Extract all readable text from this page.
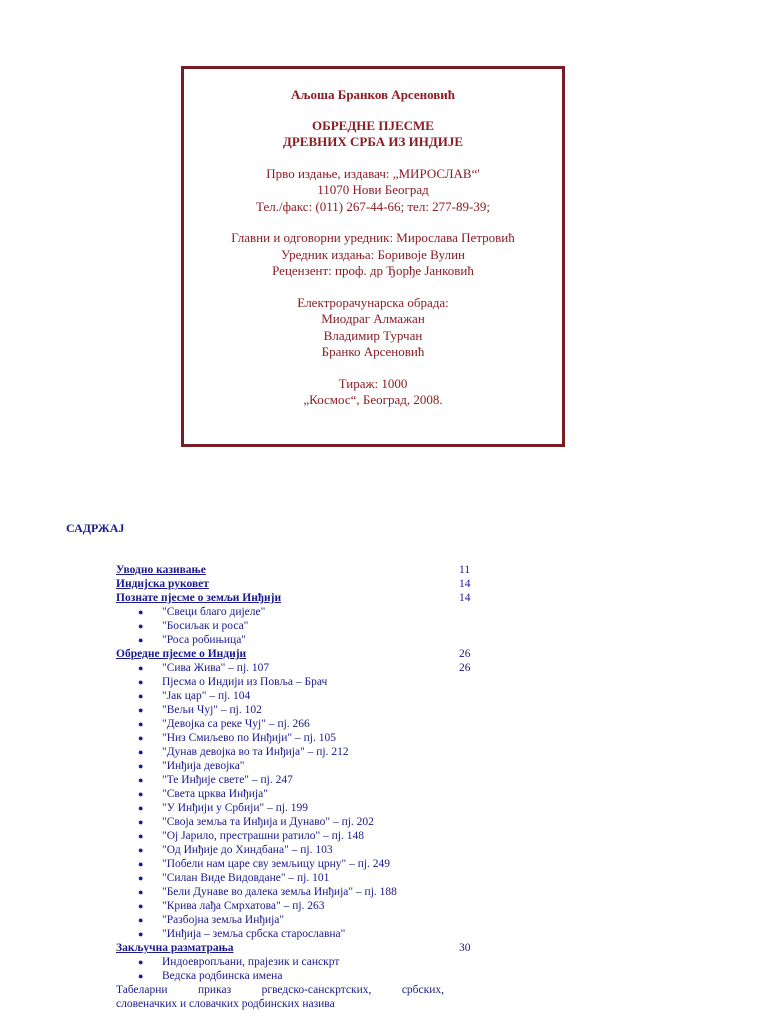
Аљоша Бранков Арсеновић
ОБРЕДНЕ ПЈЕСМЕ
ДРЕВНИХ СРБА ИЗ ИНДИЈЕ
Прво издање, издавач: „МИРОСЛАВ“'
11070 Нови Београд
Тел./факс: (011) 267-44-66; тел: 277-89-39;
Главни и одговорни уредник: Мирослава Петровић
Уредник издања: Боривоје Вулин
Рецензент: проф. др Ђорђе Јанковић
Електрорачунарска обрада:
Миодраг Алмажан
Владимир Турчан
Бранко Арсеновић
Тираж: 1000
„Космос“, Београд, 2008.
САДРЖАЈ
Уводно казивање	11
Индијска руковет	14
Познате пјесме о земљи Инђији	14
● "Свеци благо дијеле"
● "Босиљак и роса"
● "Роса робињица"
Обредне пјесме о Индији	26
● "Сива Жива" – пј. 107	26
● Пјесма о Индији из Повља – Брач
● "Јак цар" – пј. 104
● "Вељи Чуј" – пј. 102
● "Девојка са реке Чуј" – пј. 266
● "Низ Смиљево по Инђији" – пј. 105
● "Дунав девојка во та Инђија" – пј. 212
● "Инђија девојка"
● "Те Инђије свете" – пј. 247
● "Света црква Инђија"
● "У Инђији у Србији" – пј. 199
● "Своја земља та Инђија и Дунаво" – пј. 202
● "Ој Јарило, престрашни ратило" – пј. 148
● "Од Инђије до Хиндбана" – пј. 103
● "Побели нам царе сву земљицу црну" – пј. 249
● "Силан Виде Видовдане" – пј. 101
● "Бели Дунаве во далека земља Инђија" – пј. 188
● "Крива лађа Смрхатова" – пј. 263
● "Разбојна земља Инђија"
● "Инђија – земља србска староcлавна"
Закључна разматрања	30
● Индоевропљани, прајезик и санскрт
● Ведска родбинска имена
Табеларни приказ ргведско-санскртских, србских,
словеначких и словачких родбинских назива
